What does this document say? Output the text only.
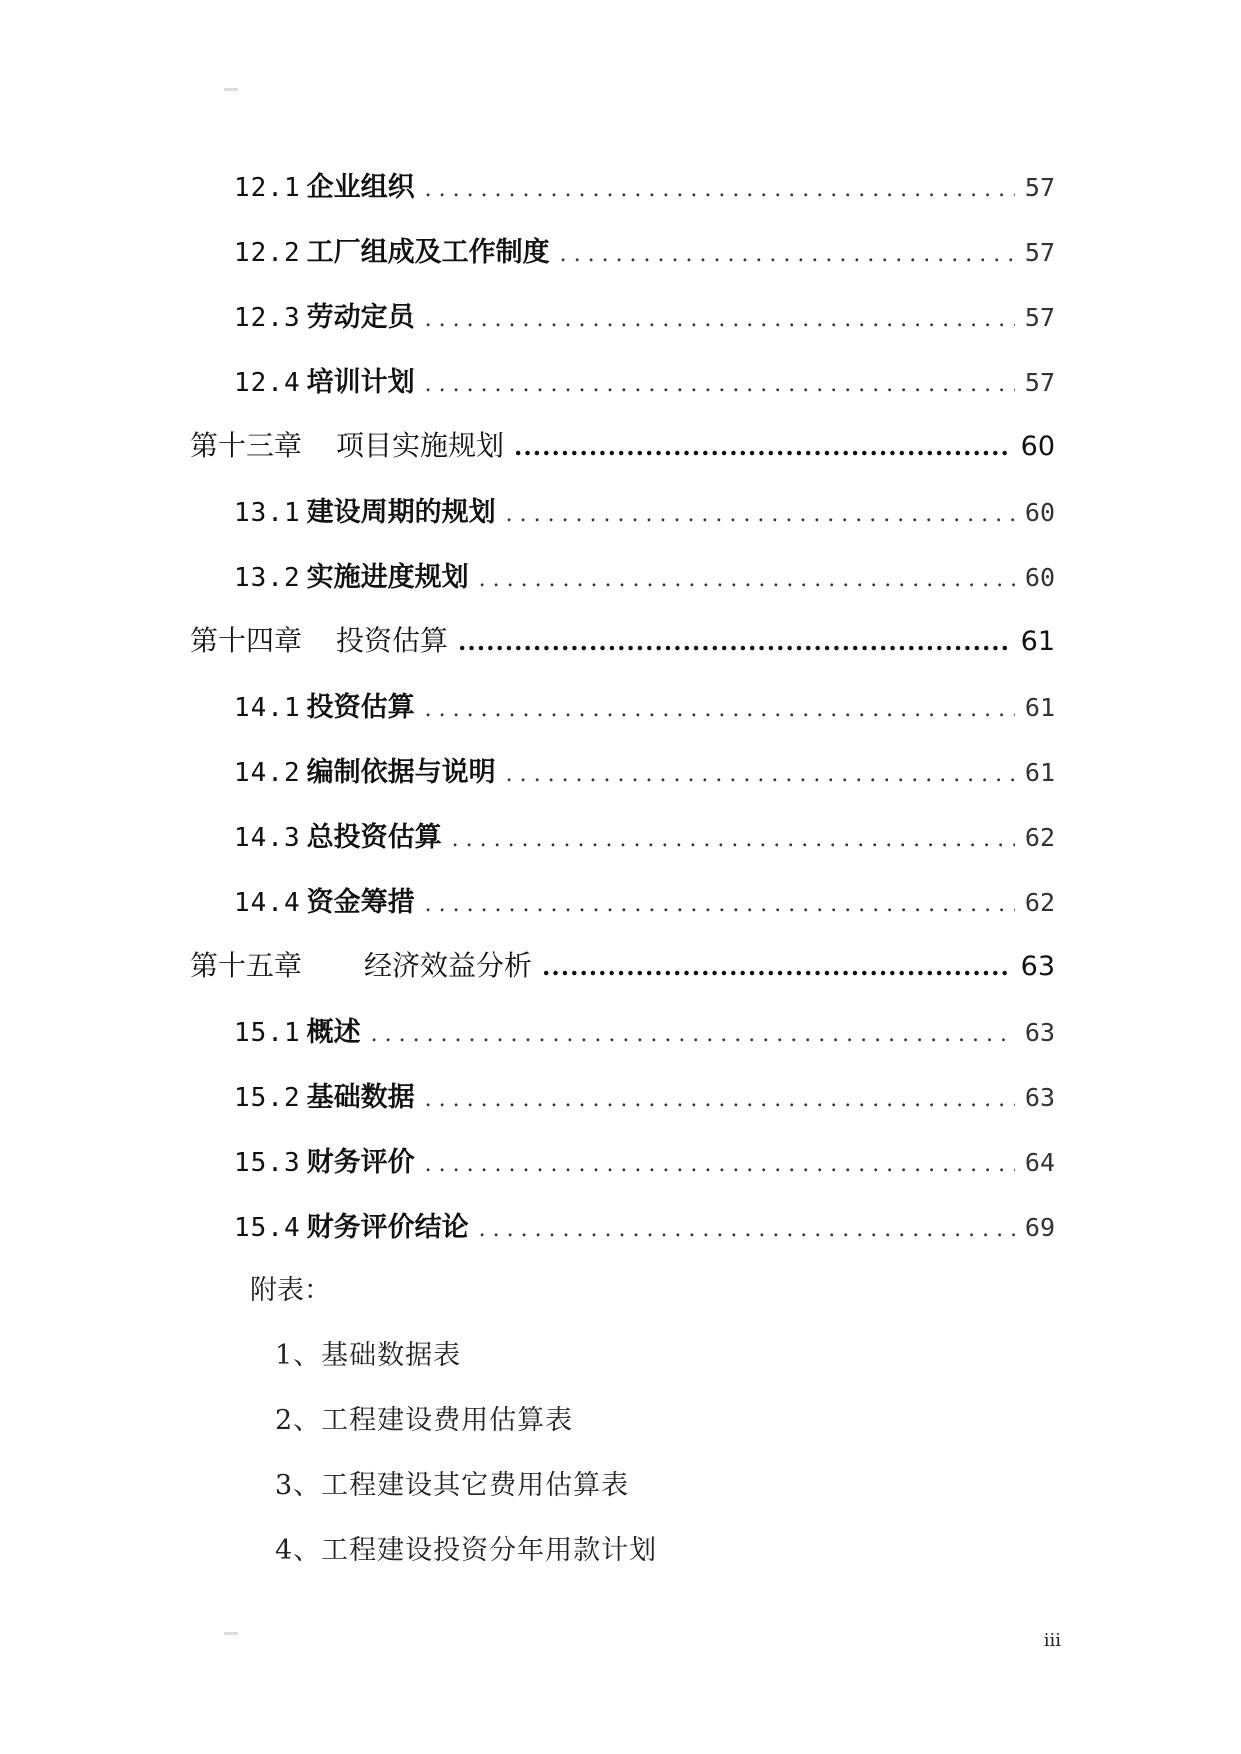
12.1 企业组织 . . .	57
12.2 工厂组成及工作制度 . . .	57
12.3 劳动定员 . . .	57
12.4 培训计划 . . .	57
第十三章 项目实施规划 .....	60
13.1 建设周期的规划 . . .	60
13.2 实施进度规划 . . .	60
第十四章 投资估算 .....	61
14.1 投资估算 . . .	61
14.2 编制依据与说明 . . .	61
14.3 总投资估算 . . .	62
14.4 资金筹措 . . .	62
第十五章 经济效益分析 .....	63
15.1 概述 . . .	63
15.2 基础数据 . . .	63
15.3 财务评价 . . .	64
15.4 财务评价结论 . . .	69
附表：
1、基础数据表
2、工程建设费用估算表
3、工程建设其它费用估算表
4、工程建设投资分年用款计划
iii
